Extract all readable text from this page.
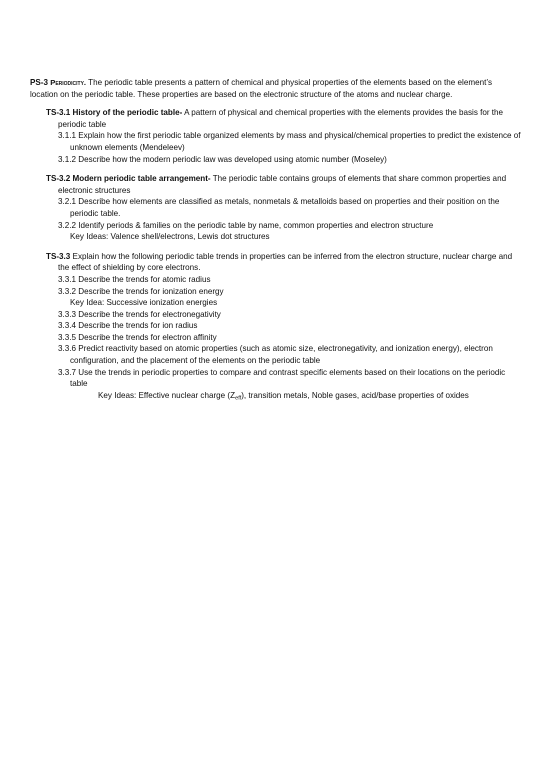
PS-3 Periodicity. The periodic table presents a pattern of chemical and physical properties of the elements based on the element’s location on the periodic table. These properties are based on the electronic structure of the atoms and nuclear charge.

TS-3.1 History of the periodic table- A pattern of physical and chemical properties with the elements provides the basis for the periodic table

3.1.1 Explain how the first periodic table organized elements by mass and physical/chemical properties to predict the existence of unknown elements (Mendeleev)

3.1.2 Describe how the modern periodic law was developed using atomic number (Moseley)

TS-3.2 Modern periodic table arrangement- The periodic table contains groups of elements that share common properties and electronic structures

3.2.1 Describe how elements are classified as metals, nonmetals & metalloids based on properties and their position on the periodic table.

3.2.2 Identify periods & families on the periodic table by name, common properties and electron structure

Key Ideas: Valence shell/electrons, Lewis dot structures

TS-3.3 Explain how the following periodic table trends in properties can be inferred from the electron structure, nuclear charge and the effect of shielding by core electrons.

3.3.1 Describe the trends for atomic radius

3.3.2 Describe the trends for ionization energy

Key Idea: Successive ionization energies

3.3.3 Describe the trends for electronegativity

3.3.4 Describe the trends for ion radius

3.3.5 Describe the trends for electron affinity

3.3.6 Predict reactivity based on atomic properties (such as atomic size, electronegativity, and ionization energy), electron configuration, and the placement of the elements on the periodic table

3.3.7 Use the trends in periodic properties to compare and contrast specific elements based on their locations on the periodic table

Key Ideas: Effective nuclear charge $(Z_{eff})$, transition metals, Noble gases, acid/base properties of oxides
